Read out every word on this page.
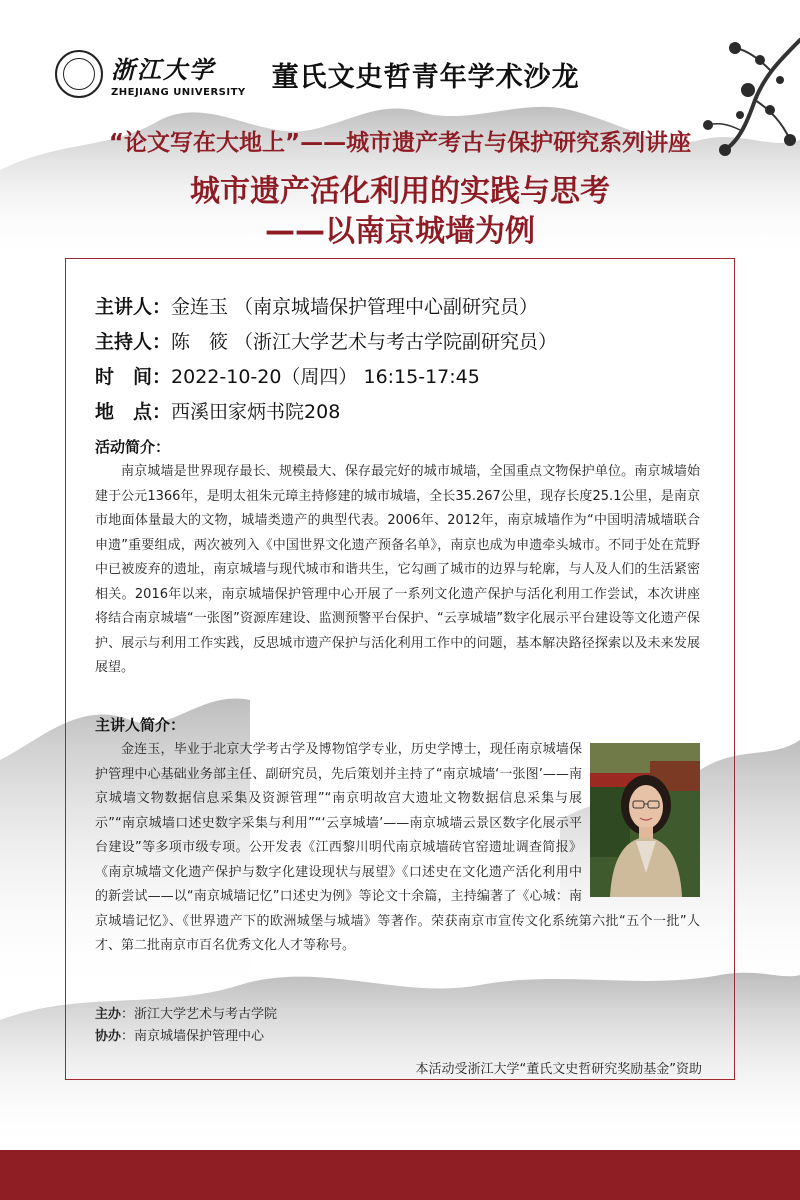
浙江大学
ZHEJIANG UNIVERSITY 董氏文史哲青年学术沙龙
“论文写在大地上”——城市遗产考古与保护研究系列讲座
城市遗产活化利用的实践与思考
——以南京城墙为例
主讲人： 金连玉 （南京城墙保护管理中心副研究员）
主持人： 陈　筱 （浙江大学艺术与考古学院副研究员）
时　间： 2022-10-20（周四） 16:15-17:45
地　点： 西溪田家炳书院208
活动简介：
南京城墙是世界现存最长、规模最大、保存最完好的城市城墙，全国重点文物保护单位。南京城墙始建于公元1366年，是明太祖朱元璋主持修建的城市城墙，全长35.267公里，现存长度25.1公里，是南京市地面体量最大的文物，城墙类遗产的典型代表。2006年、2012年，南京城墙作为“中国明清城墙联合申遗”重要组成，两次被列入《中国世界文化遗产预备名单》，南京也成为申遗牵头城市。不同于处在荒野中已被废弃的遗址，南京城墙与现代城市和谐共生，它勾画了城市的边界与轮廓，与人及人们的生活紧密相关。2016年以来，南京城墙保护管理中心开展了一系列文化遗产保护与活化利用工作尝试，本次讲座将结合南京城墙“一张图”资源库建设、监测预警平台保护、“云享城墙”数字化展示平台建设等文化遗产保护、展示与利用工作实践，反思城市遗产保护与活化利用工作中的问题，基本解决路径探索以及未来发展展望。
主讲人简介：
金连玉，毕业于北京大学考古学及博物馆学专业，历史学博士，现任南京城墙保护管理中心基础业务部主任、副研究员，先后策划并主持了“南京城墙‘一张图’——南京城墙文物数据信息采集及资源管理”“南京明故宫大遗址文物数据信息采集与展示”“南京城墙口述史数字采集与利用”“‘云享城墙’——南京城墙云景区数字化展示平台建设”等多项市级专项。公开发表《江西黎川明代南京城墙砖官窑遗址调查简报》《南京城墙文化遗产保护与数字化建设现状与展望》《口述史在文化遗产活化利用中的新尝试——以“南京城墙记忆”口述史为例》等论文十余篇，主持编著了《心城：南京城墙记忆》、《世界遗产下的欧洲城堡与城墙》等著作。荣获南京市宣传文化系统第六批“五个一批”人才、第二批南京市百名优秀文化人才等称号。
主办：浙江大学艺术与考古学院
协办：南京城墙保护管理中心
本活动受浙江大学“董氏文史哲研究奖励基金”资助
